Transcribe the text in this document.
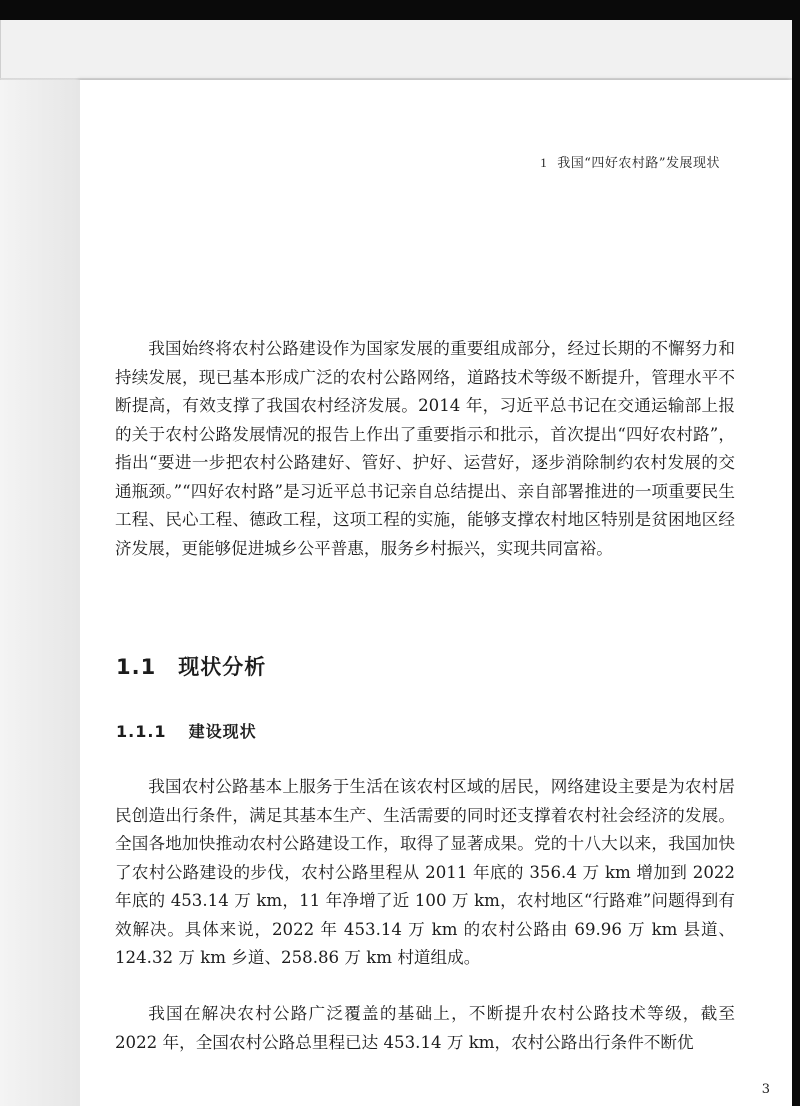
1 我国“四好农村路”发展现状

我国始终将农村公路建设作为国家发展的重要组成部分，经过长期的不懈努力和持续发展，现已基本形成广泛的农村公路网络，道路技术等级不断提升，管理水平不断提高，有效支撑了我国农村经济发展。2014 年，习近平总书记在交通运输部上报的关于农村公路发展情况的报告上作出了重要指示和批示，首次提出“四好农村路”，指出“要进一步把农村公路建好、管好、护好、运营好，逐步消除制约农村发展的交通瓶颈。”“四好农村路”是习近平总书记亲自总结提出、亲自部署推进的一项重要民生工程、民心工程、德政工程，这项工程的实施，能够支撑农村地区特别是贫困地区经济发展，更能够促进城乡公平普惠，服务乡村振兴，实现共同富裕。

1.1 现状分析
1.1.1 建设现状

我国农村公路基本上服务于生活在该农村区域的居民，网络建设主要是为农村居民创造出行条件，满足其基本生产、生活需要的同时还支撑着农村社会经济的发展。全国各地加快推动农村公路建设工作，取得了显著成果。党的十八大以来，我国加快了农村公路建设的步伐，农村公路里程从 2011 年底的 356.4 万 km 增加到 2022 年底的 453.14 万 km，11 年净增了近 100 万 km，农村地区“行路难”问题得到有效解决。具体来说，2022 年 453.14 万 km 的农村公路由 69.96 万 km 县道、124.32 万 km 乡道、258.86 万 km 村道组成。

我国在解决农村公路广泛覆盖的基础上，不断提升农村公路技术等级，截至 2022 年，全国农村公路总里程已达 453.14 万 km，农村公路出行条件不断优

3
